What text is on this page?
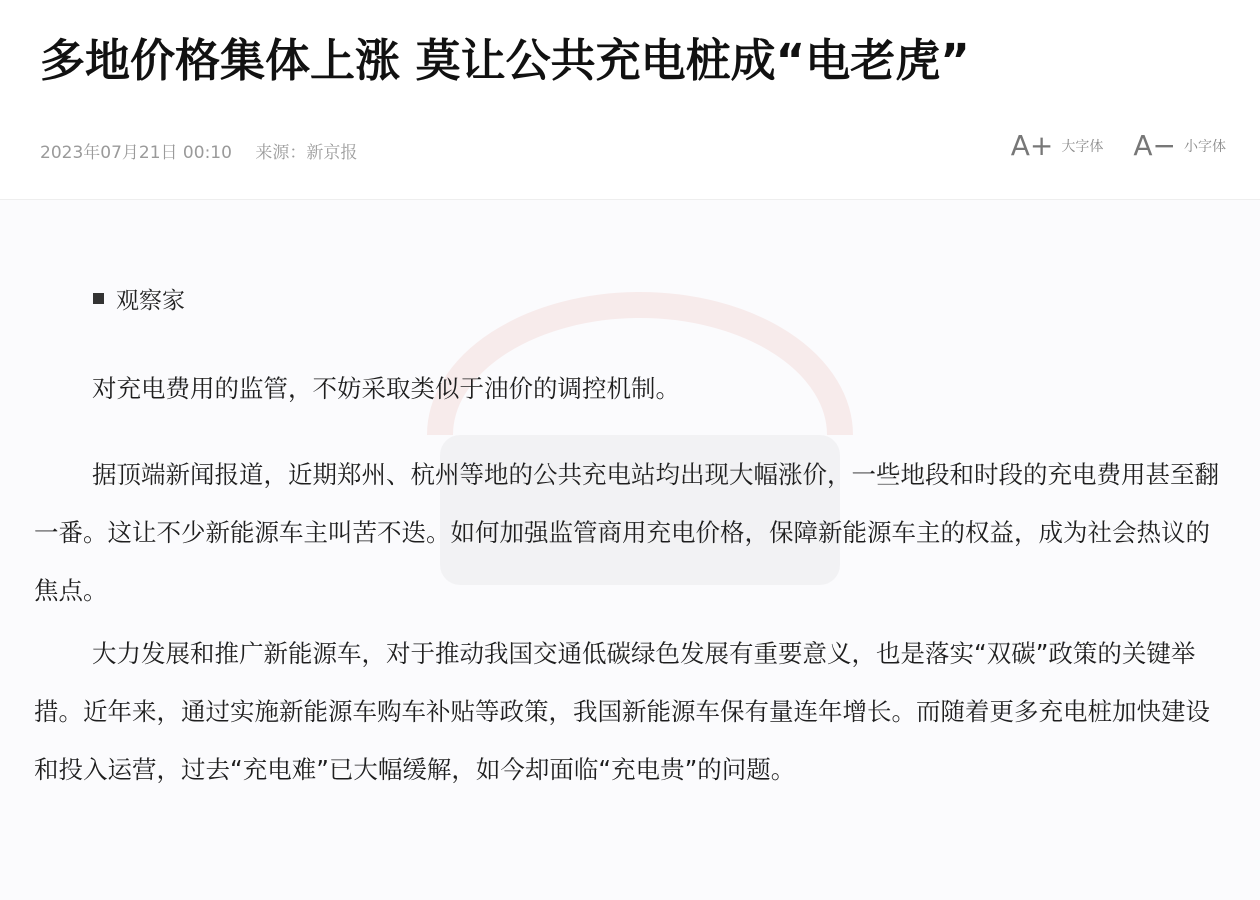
多地价格集体上涨 莫让公共充电桩成“电老虎”
2023年07月21日 00:10 来源：新京报	A+ 大字体 A− 小字体
观察家

对充电费用的监管，不妨采取类似于油价的调控机制。

据顶端新闻报道，近期郑州、杭州等地的公共充电站均出现大幅涨价，一些地段和时段的充电费用甚至翻一番。这让不少新能源车主叫苦不迭。如何加强监管商用充电价格，保障新能源车主的权益，成为社会热议的焦点。

大力发展和推广新能源车，对于推动我国交通低碳绿色发展有重要意义，也是落实“双碳”政策的关键举措。近年来，通过实施新能源车购车补贴等政策，我国新能源车保有量连年增长。而随着更多充电桩加快建设和投入运营，过去“充电难”已大幅缓解，如今却面临“充电贵”的问题。
